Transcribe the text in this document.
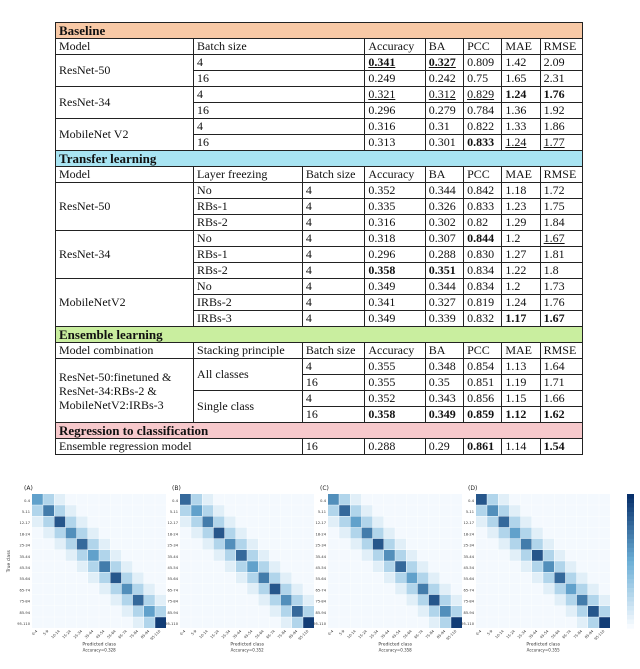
Baseline							
Model	Batch size		Accuracy	BA	PCC	MAE	RMSE
ResNet-50	4		0.341	0.327	0.809	1.42	2.09
	16		0.249	0.242	0.75	1.65	2.31
ResNet-34	4		0.321	0.312	0.829	1.24	1.76
	16		0.296	0.279	0.784	1.36	1.92
MobileNet V2	4		0.316	0.31	0.822	1.33	1.86
	16		0.313	0.301	0.833	1.24	1.77
Transfer learning							
Model	Layer freezing	Batch size	Accuracy	BA	PCC	MAE	RMSE
ResNet-50	No	4	0.352	0.344	0.842	1.18	1.72
	RBs-1	4	0.335	0.326	0.833	1.23	1.75
	RBs-2	4	0.316	0.302	0.82	1.29	1.84
ResNet-34	No	4	0.318	0.307	0.844	1.2	1.67
	RBs-1	4	0.296	0.288	0.830	1.27	1.81
	RBs-2	4	0.358	0.351	0.834	1.22	1.8
MobileNetV2	No	4	0.349	0.344	0.834	1.2	1.73
	IRBs-2	4	0.341	0.327	0.819	1.24	1.76
	IRBs-3	4	0.349	0.339	0.832	1.17	1.67
Ensemble learning							
Model combination	Stacking principle	Batch size	Accuracy	BA	PCC	MAE	RMSE

ResNet-50:finetuned &
ResNet-34:RBs-2 &
MobileNetV2:IRBs-3	All classes	4	0.355	0.348	0.854	1.13	1.64
		16	0.355	0.35	0.851	1.19	1.71
	Single class	4	0.352	0.343	0.856	1.15	1.66
		16	0.358	0.349	0.859	1.12	1.62
Regression to classification							
Ensemble regression model		16	0.288	0.29	0.861	1.14	1.54
(A)
0-4
5-11
12-17
18-24
25-34
35-44
45-54
55-64
65-74
75-84
85-94
95-110
0-4 5-9 10-14 15-24 25-34 35-44 45-54 55-64 65-74 75-84 85-94 95-110
Predicted class
Accuracy=0.328
(B)
0-4
5-11
12-17
18-24
25-34
35-44
45-54
55-64
65-74
75-84
85-94
95-110
0-4 5-9 10-14 15-24 25-34 35-44 45-54 55-64 65-74 75-84 85-94 95-110
Predicted class
Accuracy=0.352
(C)
0-4
5-11
12-17
18-24
25-34
35-44
45-54
55-64
65-74
75-84
85-94
95-110
0-4 5-9 10-14 15-24 25-34 35-44 45-54 55-64 65-74 75-84 85-94 95-110
Predicted class
Accuracy=0.358
(D)
0-4
5-11
12-17
18-24
25-34
35-44
45-54
55-64
65-74
75-84
85-94
95-110
0-4 5-9 10-14 15-24 25-34 35-44 45-54 55-64 65-74 75-84 85-94 95-110
Predicted class
Accuracy=0.355
True class
